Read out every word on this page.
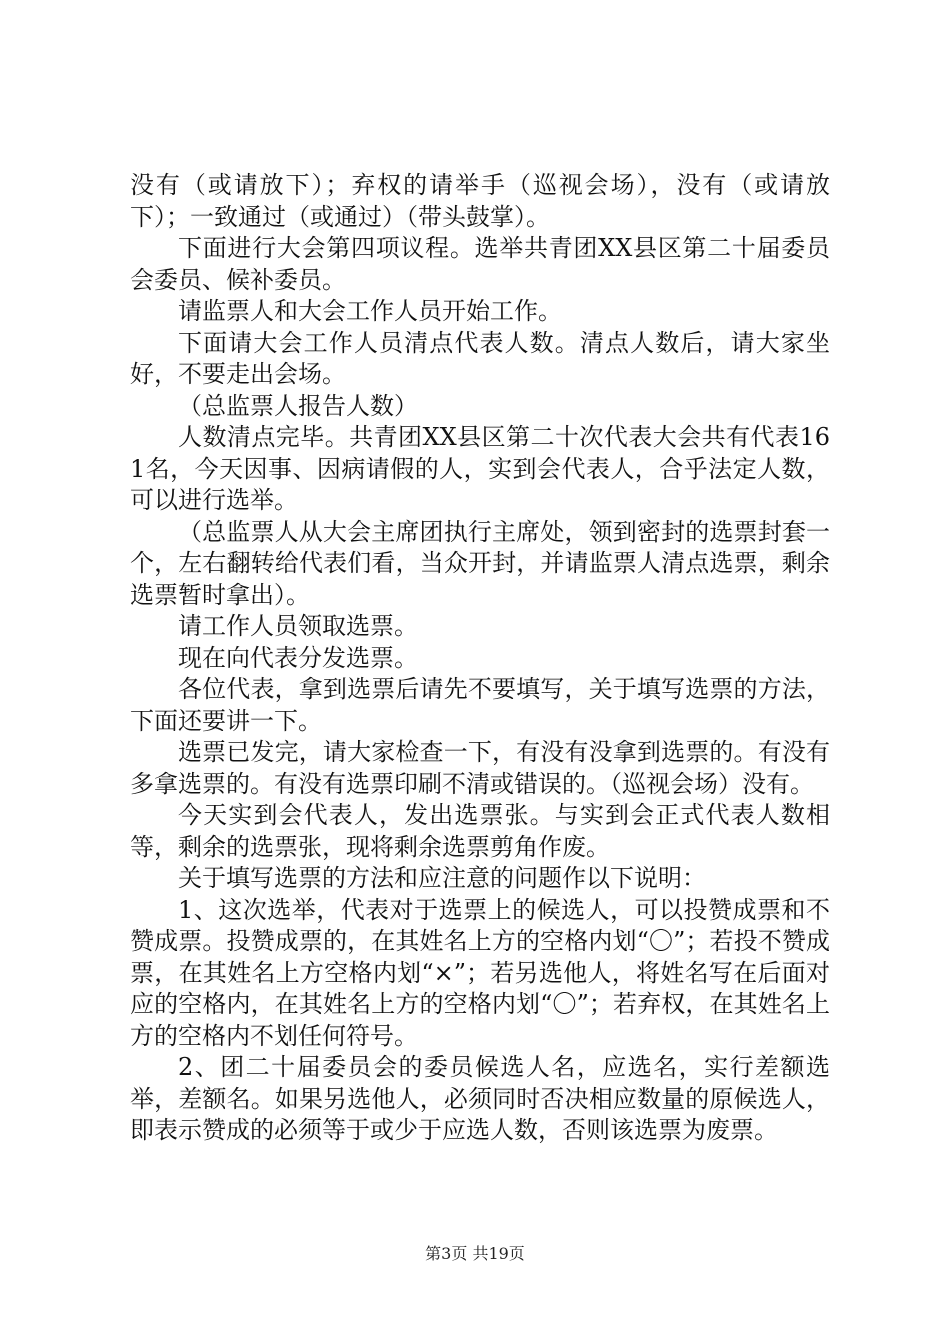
没有（或请放下）；弃权的请举手（巡视会场），没有（或请放下）；一致通过（或通过）（带头鼓掌）。

下面进行大会第四项议程。选举共青团XX县区第二十届委员会委员、候补委员。

请监票人和大会工作人员开始工作。

下面请大会工作人员清点代表人数。清点人数后，请大家坐好，不要走出会场。

（总监票人报告人数）

人数清点完毕。共青团XX县区第二十次代表大会共有代表161名，今天因事、因病请假的人，实到会代表人，合乎法定人数，可以进行选举。

（总监票人从大会主席团执行主席处，领到密封的选票封套一个，左右翻转给代表们看，当众开封，并请监票人清点选票，剩余选票暂时拿出）。

请工作人员领取选票。

现在向代表分发选票。

各位代表，拿到选票后请先不要填写，关于填写选票的方法，下面还要讲一下。

选票已发完，请大家检查一下，有没有没拿到选票的。有没有多拿选票的。有没有选票印刷不清或错误的。（巡视会场）没有。

今天实到会代表人，发出选票张。与实到会正式代表人数相等，剩余的选票张，现将剩余选票剪角作废。

关于填写选票的方法和应注意的问题作以下说明：

1、这次选举，代表对于选票上的候选人，可以投赞成票和不赞成票。投赞成票的，在其姓名上方的空格内划“〇”；若投不赞成票，在其姓名上方空格内划“×”；若另选他人，将姓名写在后面对应的空格内，在其姓名上方的空格内划“〇”；若弃权，在其姓名上方的空格内不划任何符号。

2、团二十届委员会的委员候选人名，应选名，实行差额选举，差额名。如果另选他人，必须同时否决相应数量的原候选人，即表示赞成的必须等于或少于应选人数，否则该选票为废票。

第3页 共19页
